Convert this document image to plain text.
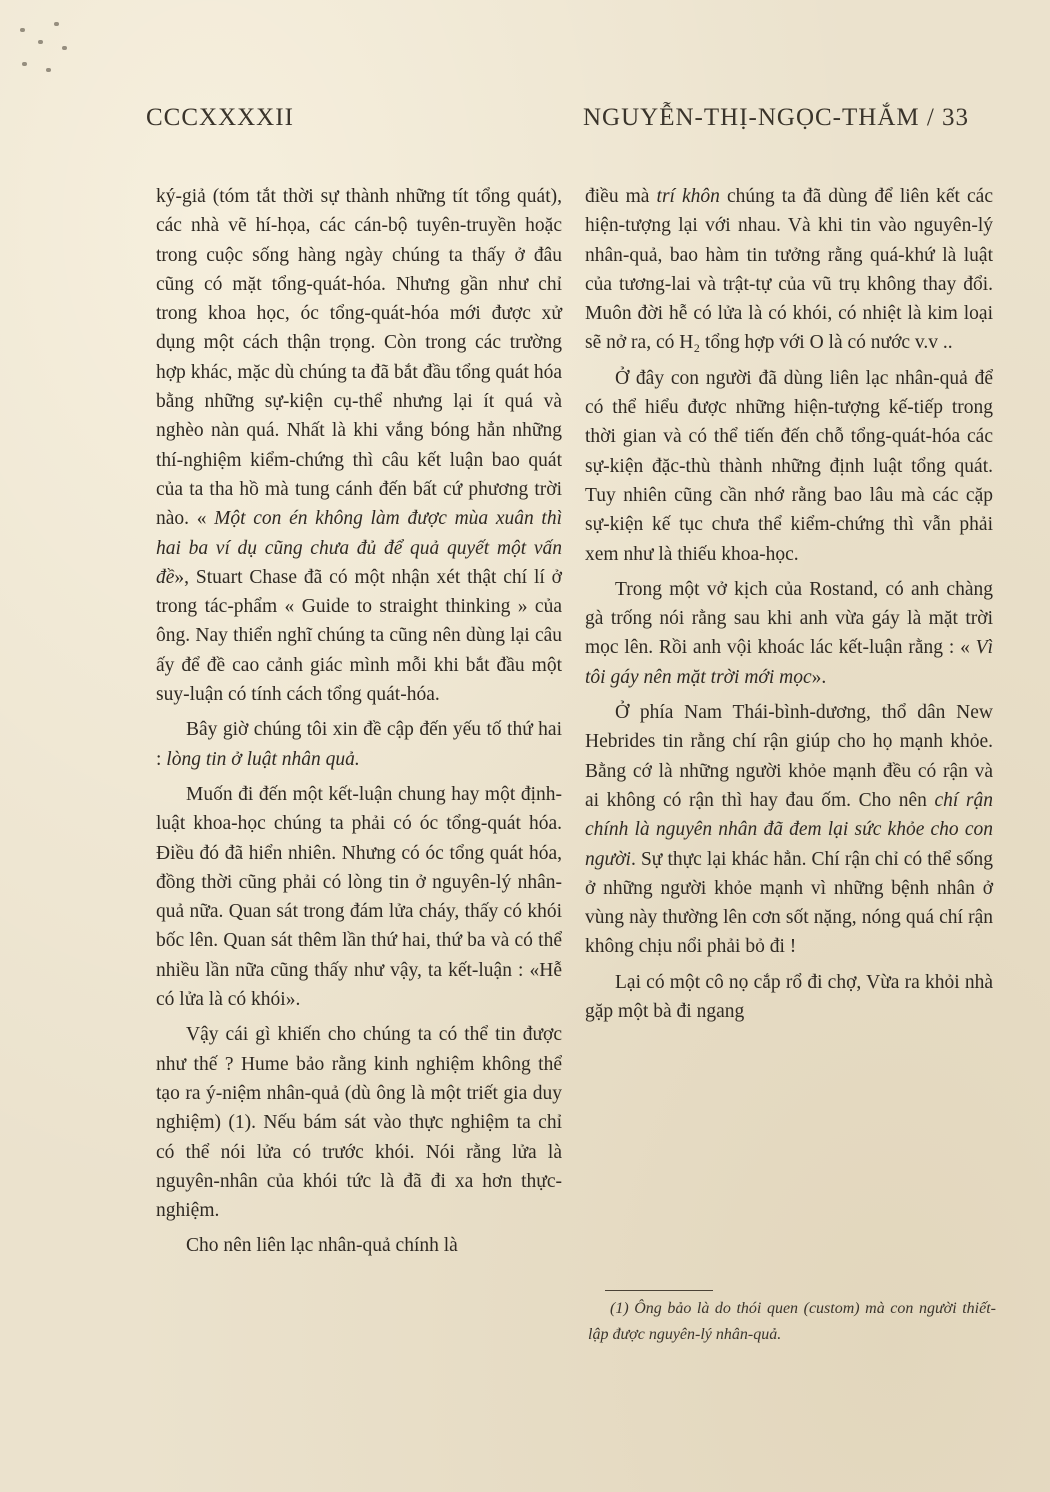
CCCXXXXII	NGUYỄN-THỊ-NGỌC-THẮM / 33

ký-giả (tóm tắt thời sự thành những tít tổng quát), các nhà vẽ hí-họa, các cán-bộ tuyên-truyền hoặc trong cuộc sống hàng ngày chúng ta thấy ở đâu cũng có mặt tổng-quát-hóa. Nhưng gần như chỉ trong khoa học, óc tổng-quát-hóa mới được xử dụng một cách thận trọng. Còn trong các trường hợp khác, mặc dù chúng ta đã bắt đầu tổng quát hóa bằng những sự-kiện cụ-thể nhưng lại ít quá và nghèo nàn quá. Nhất là khi vắng bóng hẳn những thí-nghiệm kiểm-chứng thì câu kết luận bao quát của ta tha hồ mà tung cánh đến bất cứ phương trời nào. « Một con én không làm được mùa xuân thì hai ba ví dụ cũng chưa đủ để quả quyết một vấn đề», Stuart Chase đã có một nhận xét thật chí lí ở trong tác-phẩm « Guide to straight thinking » của ông. Nay thiển nghĩ chúng ta cũng nên dùng lại câu ấy để đề cao cảnh giác mình mỗi khi bắt đầu một suy-luận có tính cách tổng quát-hóa.

Bây giờ chúng tôi xin đề cập đến yếu tố thứ hai : lòng tin ở luật nhân quả.

Muốn đi đến một kết-luận chung hay một định-luật khoa-học chúng ta phải có óc tổng-quát hóa. Điều đó đã hiển nhiên. Nhưng có óc tổng quát hóa, đồng thời cũng phải có lòng tin ở nguyên-lý nhân-quả nữa. Quan sát trong đám lửa cháy, thấy có khói bốc lên. Quan sát thêm lần thứ hai, thứ ba và có thể nhiều lần nữa cũng thấy như vậy, ta kết-luận : «Hễ có lửa là có khói».

Vậy cái gì khiến cho chúng ta có thể tin được như thế ? Hume bảo rằng kinh nghiệm không thể tạo ra ý-niệm nhân-quả (dù ông là một triết gia duy nghiệm) (1). Nếu bám sát vào thực nghiệm ta chỉ có thể nói lửa có trước khói. Nói rằng lửa là nguyên-nhân của khói tức là đã đi xa hơn thực-nghiệm.

Cho nên liên lạc nhân-quả chính là

điều mà trí khôn chúng ta đã dùng để liên kết các hiện-tượng lại với nhau. Và khi tin vào nguyên-lý nhân-quả, bao hàm tin tưởng rằng quá-khứ là luật của tương-lai và trật-tự của vũ trụ không thay đổi. Muôn đời hễ có lửa là có khói, có nhiệt là kim loại sẽ nở ra, có H₂ tổng hợp với O là có nước v.v ..

Ở đây con người đã dùng liên lạc nhân-quả để có thể hiểu được những hiện-tượng kế-tiếp trong thời gian và có thể tiến đến chỗ tổng-quát-hóa các sự-kiện đặc-thù thành những định luật tổng quát. Tuy nhiên cũng cần nhớ rằng bao lâu mà các cặp sự-kiện kế tục chưa thể kiểm-chứng thì vẫn phải xem như là thiếu khoa-học.

Trong một vở kịch của Rostand, có anh chàng gà trống nói rằng sau khi anh vừa gáy là mặt trời mọc lên. Rồi anh vội khoác lác kết-luận rằng : « Vì tôi gáy nên mặt trời mới mọc».

Ở phía Nam Thái-bình-dương, thổ dân New Hebrides tin rằng chí rận giúp cho họ mạnh khỏe. Bằng cớ là những người khỏe mạnh đều có rận và ai không có rận thì hay đau ốm. Cho nên chí rận chính là nguyên nhân đã đem lại sức khỏe cho con người. Sự thực lại khác hẳn. Chí rận chỉ có thể sống ở những người khỏe mạnh vì những bệnh nhân ở vùng này thường lên cơn sốt nặng, nóng quá chí rận không chịu nổi phải bỏ đi !

Lại có một cô nọ cắp rổ đi chợ, Vừa ra khỏi nhà gặp một bà đi ngang

(1) Ông bảo là do thói quen (custom) mà con người thiết-lập được nguyên-lý nhân-quả.
